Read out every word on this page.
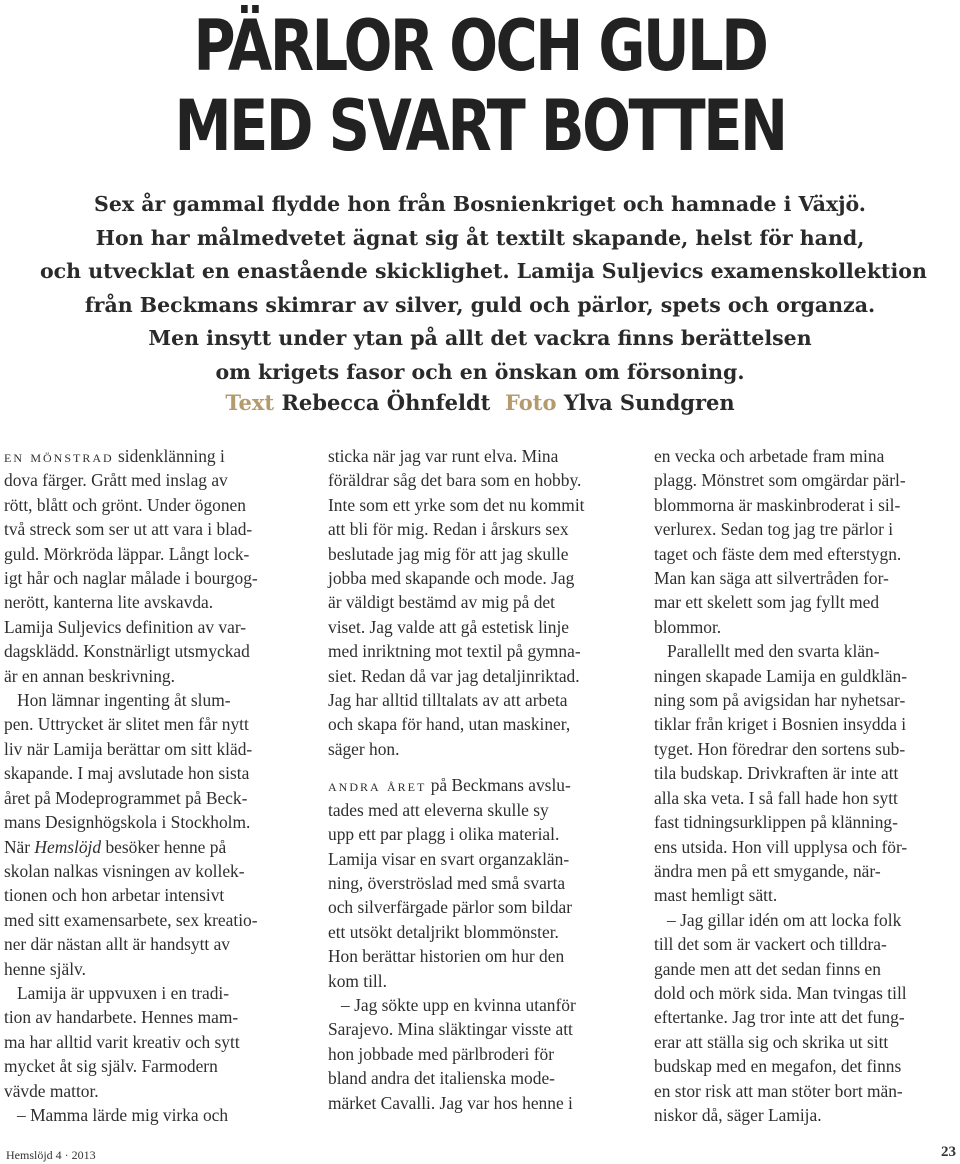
PÄRLOR OCH GULD
MED SVART BOTTEN
Sex år gammal flydde hon från Bosnienkriget och hamnade i Växjö.
Hon har målmedvetet ägnat sig åt textilt skapande, helst för hand,
och utvecklat en enastående skicklighet. Lamija Suljevics examenskollektion
från Beckmans skimrar av silver, guld och pärlor, spets och organza.
Men insytt under ytan på allt det vackra finns berättelsen
om krigets fasor och en önskan om försoning.
Text Rebecca Öhnfeldt Foto Ylva Sundgren
en mönstrad sidenklänning i
dova färger. Grått med inslag av
rött, blått och grönt. Under ögonen
två streck som ser ut att vara i blad-
guld. Mörkröda läppar. Långt lock-
igt hår och naglar målade i bourgog-
nerött, kanterna lite avskavda.
Lamija Suljevics definition av var-
dagsklädd. Konstnärligt utsmyckad
är en annan beskrivning.
Hon lämnar ingenting åt slum-
pen. Uttrycket är slitet men får nytt
liv när Lamija berättar om sitt kläd-
skapande. I maj avslutade hon sista
året på Modeprogrammet på Beck-
mans Designhögskola i Stockholm.
När Hemslöjd besöker henne på
skolan nalkas visningen av kollek-
tionen och hon arbetar intensivt
med sitt examensarbete, sex kreatio-
ner där nästan allt är handsytt av
henne själv.
Lamija är uppvuxen i en tradi-
tion av handarbete. Hennes mam-
ma har alltid varit kreativ och sytt
mycket åt sig själv. Farmodern
vävde mattor.
– Mamma lärde mig virka och
sticka när jag var runt elva. Mina
föräldrar såg det bara som en hobby.
Inte som ett yrke som det nu kommit
att bli för mig. Redan i årskurs sex
beslutade jag mig för att jag skulle
jobba med skapande och mode. Jag
är väldigt bestämd av mig på det
viset. Jag valde att gå estetisk linje
med inriktning mot textil på gymna-
siet. Redan då var jag detaljinriktad.
Jag har alltid tilltalats av att arbeta
och skapa för hand, utan maskiner,
säger hon.
andra året på Beckmans avslu-
tades med att eleverna skulle sy
upp ett par plagg i olika material.
Lamija visar en svart organzaklän-
ning, överströslad med små svarta
och silverfärgade pärlor som bildar
ett utsökt detaljrikt blommönster.
Hon berättar historien om hur den
kom till.
– Jag sökte upp en kvinna utanför
Sarajevo. Mina släktingar visste att
hon jobbade med pärlbroderi för
bland andra det italienska mode-
märket Cavalli. Jag var hos henne i
en vecka och arbetade fram mina
plagg. Mönstret som omgärdar pärl-
blommorna är maskinbroderat i sil-
verlurex. Sedan tog jag tre pärlor i
taget och fäste dem med efterstygn.
Man kan säga att silvertråden for-
mar ett skelett som jag fyllt med
blommor.
Parallellt med den svarta klän-
ningen skapade Lamija en guldklän-
ning som på avigsidan har nyhetsar-
tiklar från kriget i Bosnien insydda i
tyget. Hon föredrar den sortens sub-
tila budskap. Drivkraften är inte att
alla ska veta. I så fall hade hon sytt
fast tidningsurklippen på klänning-
ens utsida. Hon vill upplysa och för-
ändra men på ett smygande, när-
mast hemligt sätt.
– Jag gillar idén om att locka folk
till det som är vackert och tilldra-
gande men att det sedan finns en
dold och mörk sida. Man tvingas till
eftertanke. Jag tror inte att det fung-
erar att ställa sig och skrika ut sitt
budskap med en megafon, det finns
en stor risk att man stöter bort män-
niskor då, säger Lamija.
Hemslöjd 4 · 2013	23
